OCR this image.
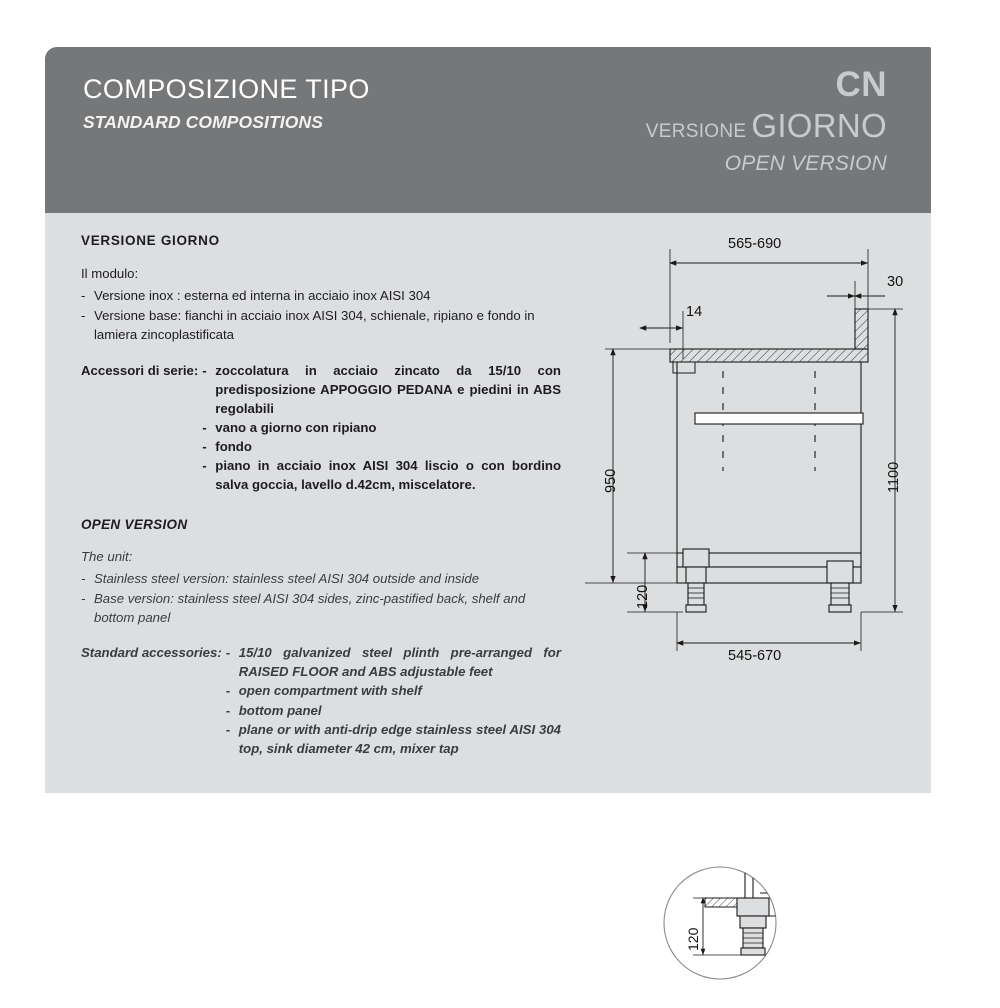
COMPOSIZIONE TIPO
STANDARD COMPOSITIONS
CN
VERSIONE GIORNO
OPEN VERSION
VERSIONE GIORNO

Il modulo:

- Versione inox : esterna ed interna in acciaio inox AISI 304
- Versione base: fianchi in acciaio inox AISI 304, schienale, ripiano e fondo in lamiera zincoplastificata
Accessori di serie: - zoccolatura in acciaio zincato da 15/10 con predisposizione APPOGGIO PEDANA e piedini in ABS regolabili
- vano a giorno con ripiano
- fondo
- piano in acciaio inox AISI 304 liscio o con bordino salva goccia, lavello d.42cm, miscelatore.
OPEN VERSION

The unit:

- Stainless steel version: stainless steel AISI 304 outside and inside
- Base version: stainless steel AISI 304 sides, zinc-pastified back, shelf and bottom panel
Standard accessories: - 15/10 galvanized steel plinth pre-arranged for RAISED FLOOR and ABS adjustable feet
- open compartment with shelf
- bottom panel
- plane or with anti-drip edge stainless steel AISI 304 top, sink diameter 42 cm, mixer tap
565-690
30
14
950
120
1100
545-670
120
